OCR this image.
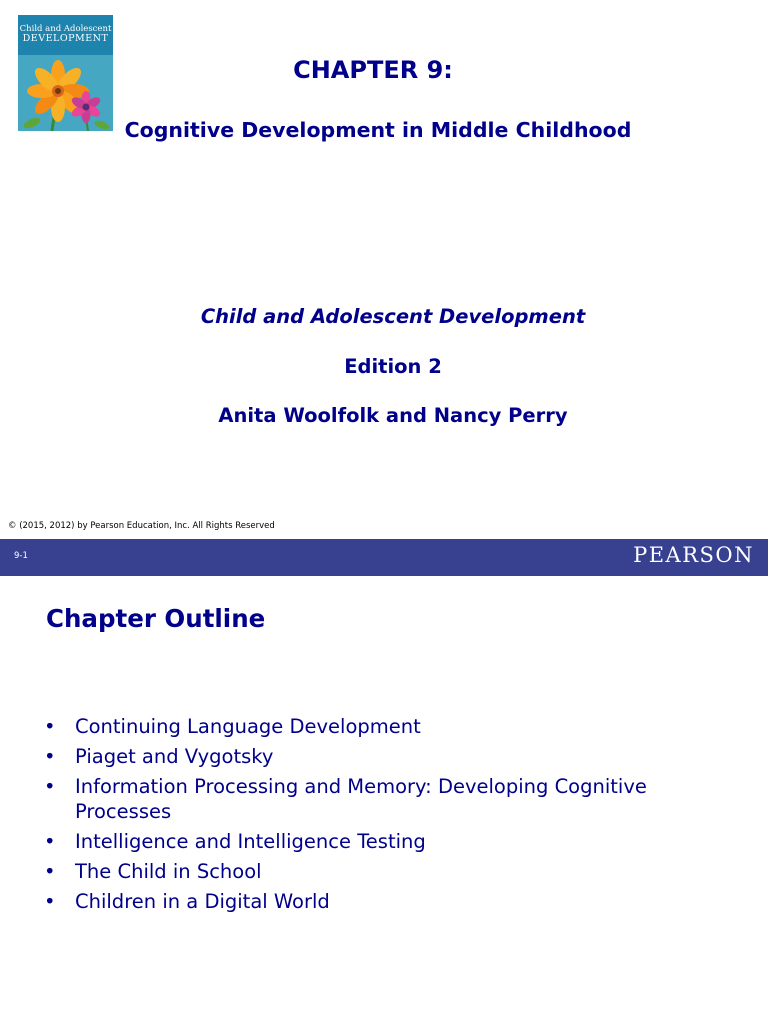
Child and Adolescent
DEVELOPMENT
CHAPTER 9:
Cognitive Development in Middle Childhood
Child and Adolescent Development
Edition 2
Anita Woolfolk and Nancy Perry
© (2015, 2012) by Pearson Education, Inc. All Rights Reserved
9-1	PEARSON
Chapter Outline
• Continuing Language Development
• Piaget and Vygotsky
• Information Processing and Memory: Developing Cognitive Processes
• Intelligence and Intelligence Testing
• The Child in School
• Children in a Digital World
